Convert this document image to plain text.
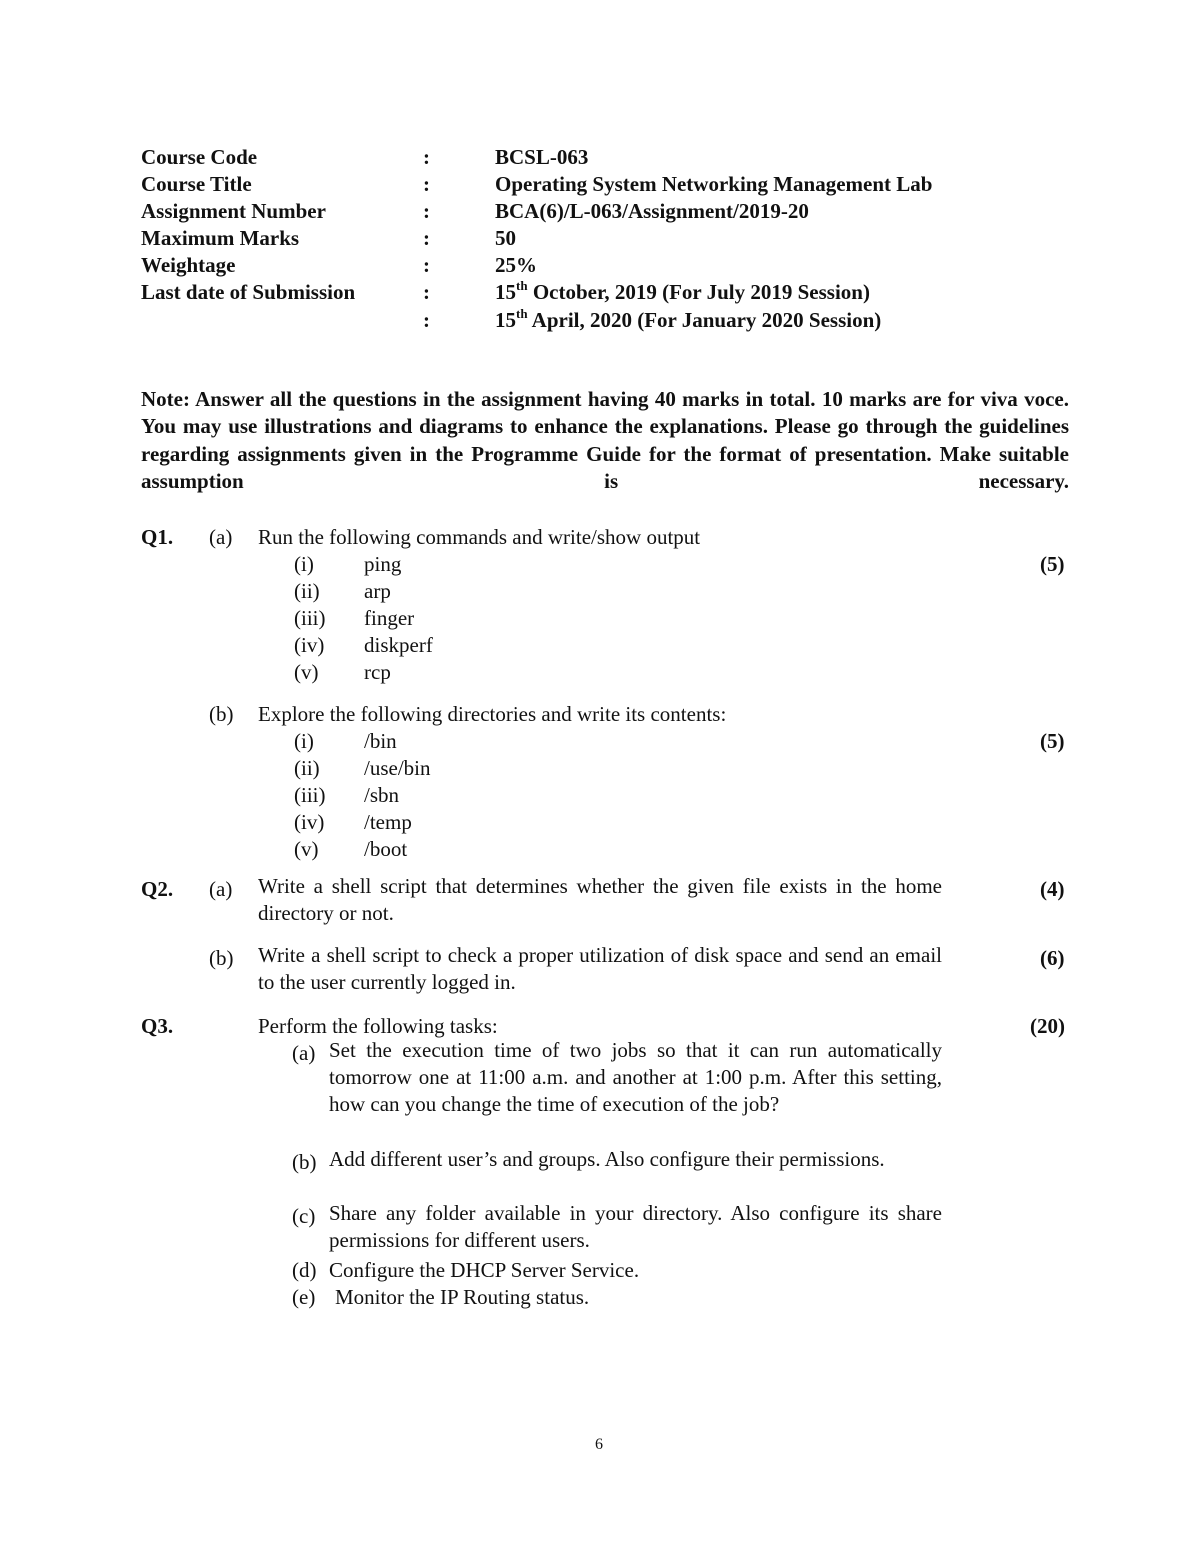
Course Code	:	BCSL-063
Course Title	:	Operating System Networking Management Lab
Assignment Number	:	BCA(6)/L-063/Assignment/2019-20
Maximum Marks	:	50
Weightage	:	25%
Last date of Submission	:	15th October, 2019 (For July 2019 Session)
:	15th April, 2020 (For January 2020 Session)
Note: Answer all the questions in the assignment having 40 marks in total. 10 marks are for viva voce. You may use illustrations and diagrams to enhance the explanations. Please go through the guidelines regarding assignments given in the Programme Guide for the format of presentation. Make suitable assumption is necessary.
Q1. (a) Run the following commands and write/show output
(5)
(i) ping
(ii) arp
(iii) finger
(iv) diskperf
(v) rcp
(b) Explore the following directories and write its contents:
(5)
(i) /bin
(ii) /use/bin
(iii) /sbn
(iv) /temp
(v) /boot
Q2. (a) Write a shell script that determines whether the given file exists in the home directory or not.
(4)
(b) Write a shell script to check a proper utilization of disk space and send an email to the user currently logged in.
(6)
Q3.	Perform the following tasks:	(20)
(a) Set the execution time of two jobs so that it can run automatically tomorrow one at 11:00 a.m. and another at 1:00 p.m. After this setting, how can you change the time of execution of the job?
(b) Add different user’s and groups. Also configure their permissions.
(c) Share any folder available in your directory. Also configure its share permissions for different users.
(d) Configure the DHCP Server Service.
(e) Monitor the IP Routing status.
6
